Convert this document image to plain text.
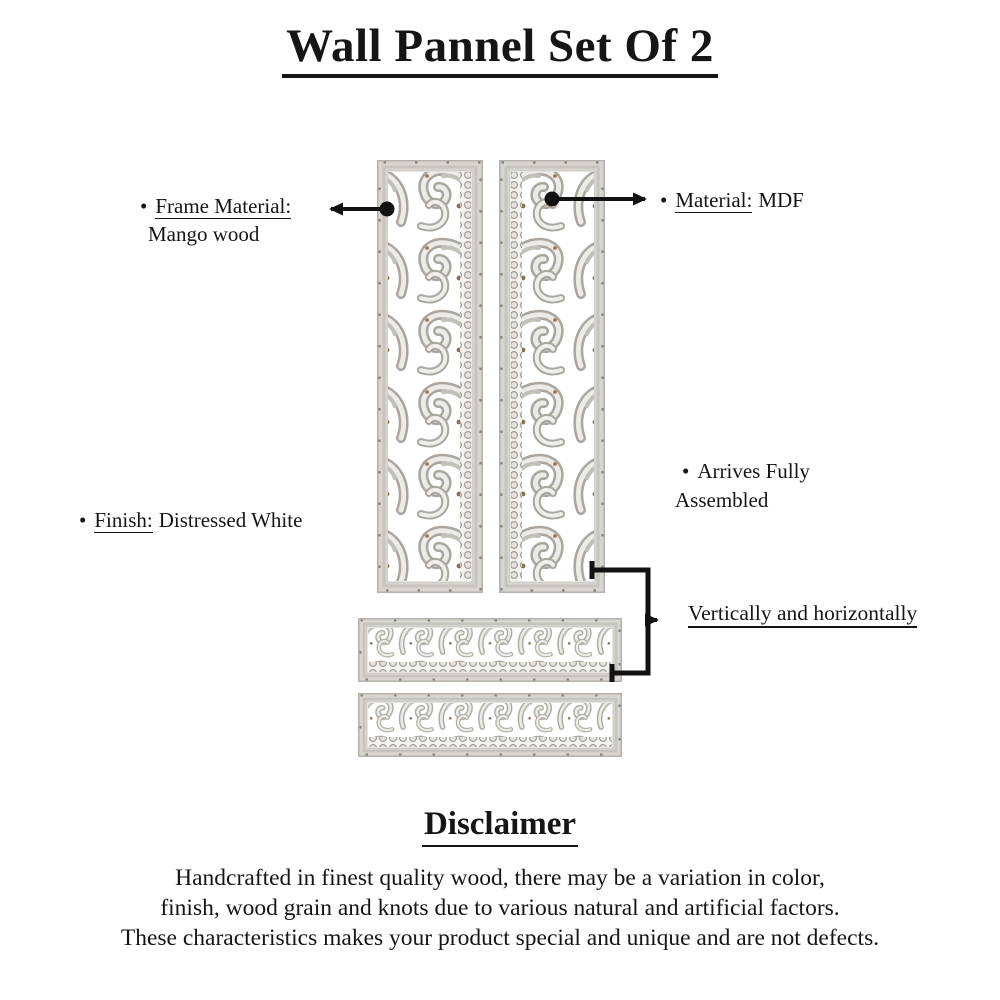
Wall Pannel Set Of 2
• Frame Material:
Mango wood
• Material: MDF
• Finish: Distressed White
• Arrives Fully
Assembled
Vertically and horizontally
Disclaimer
Handcrafted in finest quality wood, there may be a variation in color,
finish, wood grain and knots due to various natural and artificial factors.
These characteristics makes your product special and unique and are not defects.
